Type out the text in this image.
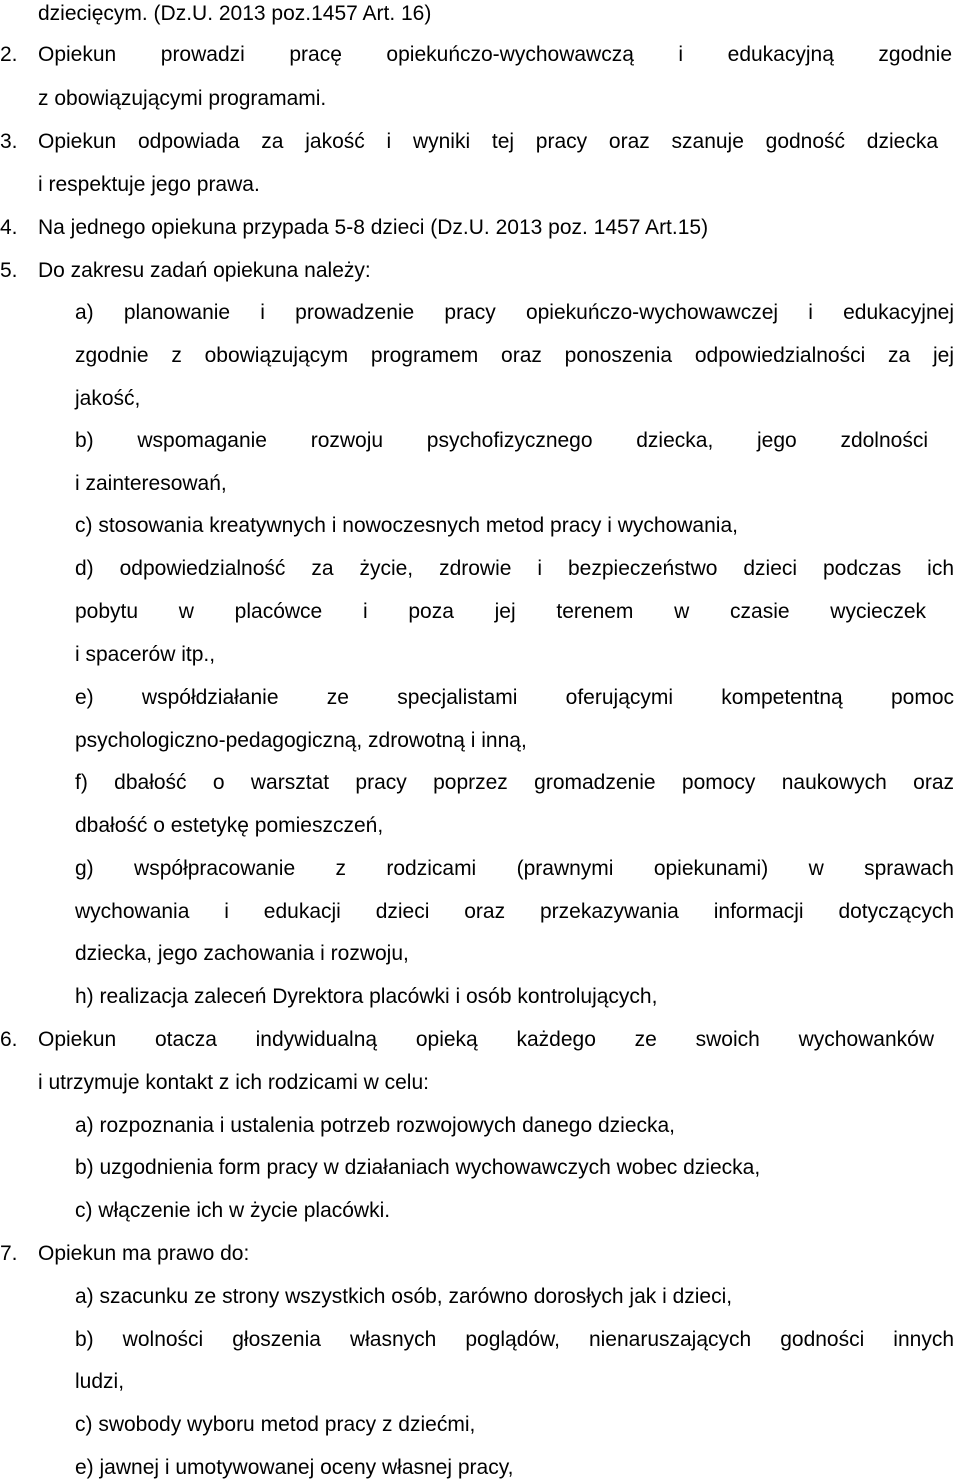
dziecięcym. (Dz.U. 2013 poz.1457 Art. 16)
2. Opiekun prowadzi pracę opiekuńczo-wychowawczą i edukacyjną zgodnie
z obowiązującymi programami.
3. Opiekun odpowiada za jakość i wyniki tej pracy oraz szanuje godność dziecka
i respektuje jego prawa.
4. Na jednego opiekuna przypada 5-8 dzieci (Dz.U. 2013 poz. 1457 Art.15)
5. Do zakresu zadań opiekuna należy:
a) planowanie i prowadzenie pracy opiekuńczo-wychowawczej i edukacyjnej
zgodnie z obowiązującym programem oraz ponoszenia odpowiedzialności za jej
jakość,
b) wspomaganie rozwoju psychofizycznego dziecka, jego zdolności
i zainteresowań,
c) stosowania kreatywnych i nowoczesnych metod pracy i wychowania,
d) odpowiedzialność za życie, zdrowie i bezpieczeństwo dzieci podczas ich
pobytu w placówce i poza jej terenem w czasie wycieczek
i spacerów itp.,
e) współdziałanie ze specjalistami oferującymi kompetentną pomoc
psychologiczno-pedagogiczną, zdrowotną i inną,
f) dbałość o warsztat pracy poprzez gromadzenie pomocy naukowych oraz
dbałość o estetykę pomieszczeń,
g) współpracowanie z rodzicami (prawnymi opiekunami) w sprawach
wychowania i edukacji dzieci oraz przekazywania informacji dotyczących
dziecka, jego zachowania i rozwoju,
h) realizacja zaleceń Dyrektora placówki i osób kontrolujących,
6. Opiekun otacza indywidualną opieką każdego ze swoich wychowanków
i utrzymuje kontakt z ich rodzicami w celu:
a) rozpoznania i ustalenia potrzeb rozwojowych danego dziecka,
b) uzgodnienia form pracy w działaniach wychowawczych wobec dziecka,
c) włączenie ich w życie placówki.
7. Opiekun ma prawo do:
a) szacunku ze strony wszystkich osób, zarówno dorosłych jak i dzieci,
b) wolności głoszenia własnych poglądów, nienaruszających godności innych
ludzi,
c) swobody wyboru metod pracy z dziećmi,
e) jawnej i umotywowanej oceny własnej pracy,
